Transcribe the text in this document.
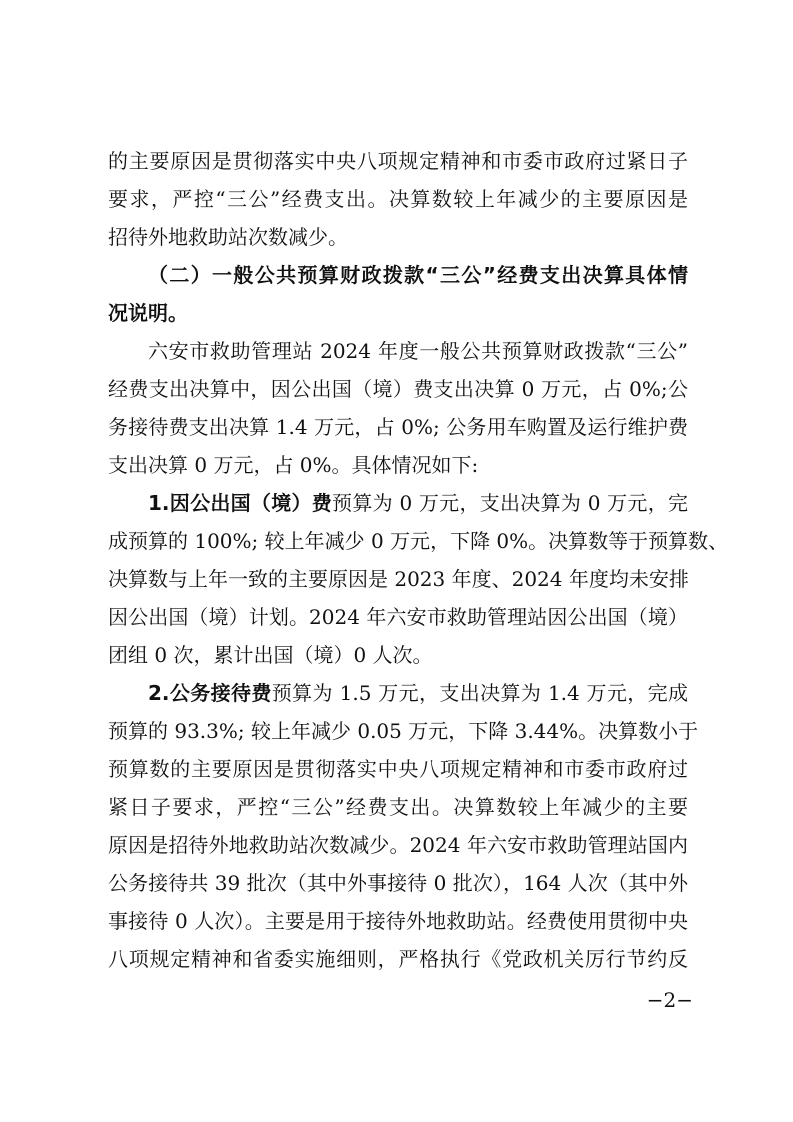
的主要原因是贯彻落实中央八项规定精神和市委市政府过紧日子
要求，严控“三公”经费支出。决算数较上年减少的主要原因是
招待外地救助站次数减少。
（二）一般公共预算财政拨款“三公”经费支出决算具体情
况说明。
六安市救助管理站 2024 年度一般公共预算财政拨款“三公”
经费支出决算中，因公出国（境）费支出决算 0 万元，占 0%;公
务接待费支出决算 1.4 万元，占 0%; 公务用车购置及运行维护费
支出决算 0 万元，占 0%。具体情况如下:
1.因公出国（境）费预算为 0 万元，支出决算为 0 万元，完
成预算的 100%; 较上年减少 0 万元，下降 0%。决算数等于预算数、
决算数与上年一致的主要原因是 2023 年度、2024 年度均未安排
因公出国（境）计划。2024 年六安市救助管理站因公出国（境）
团组 0 次，累计出国（境）0 人次。
2.公务接待费预算为 1.5 万元，支出决算为 1.4 万元，完成
预算的 93.3%; 较上年减少 0.05 万元，下降 3.44%。决算数小于
预算数的主要原因是贯彻落实中央八项规定精神和市委市政府过
紧日子要求，严控“三公”经费支出。决算数较上年减少的主要
原因是招待外地救助站次数减少。2024 年六安市救助管理站国内
公务接待共 39 批次（其中外事接待 0 批次），164 人次（其中外
事接待 0 人次）。主要是用于接待外地救助站。经费使用贯彻中央
八项规定精神和省委实施细则，严格执行《党政机关厉行节约反
−2−
